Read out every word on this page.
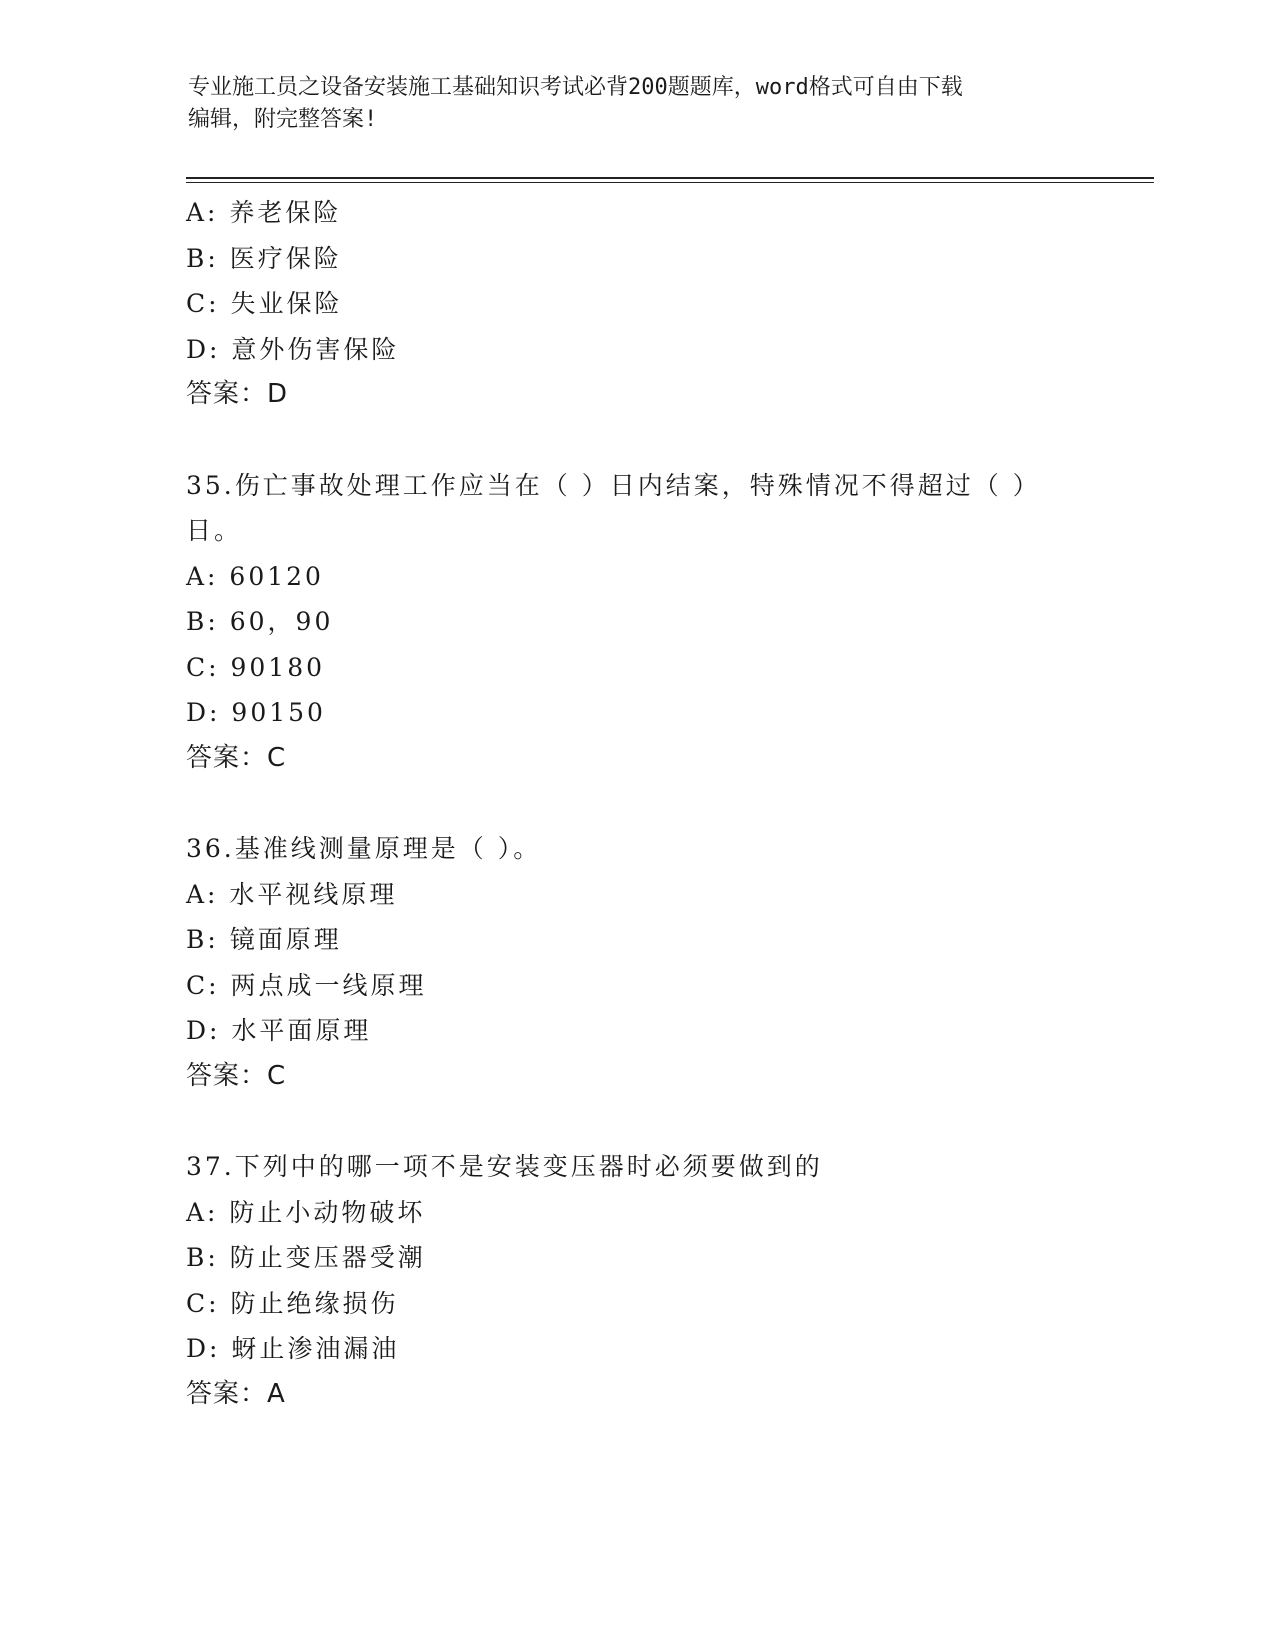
专业施工员之设备安装施工基础知识考试必背200题题库，word格式可自由下载
编辑，附完整答案!
A: 养老保险
B: 医疗保险
C: 失业保险
D: 意外伤害保险
答案：D
35.伤亡事故处理工作应当在（ ）日内结案，特殊情况不得超过（ ）
日。
A: 60120
B: 60，90
C: 90180
D: 90150
答案：C
36.基准线测量原理是（ ）。
A: 水平视线原理
B: 镜面原理
C: 两点成一线原理
D: 水平面原理
答案：C
37.下列中的哪一项不是安装变压器时必须要做到的
A: 防止小动物破坏
B: 防止变压器受潮
C: 防止绝缘损伤
D: 蚜止渗油漏油
答案：A
